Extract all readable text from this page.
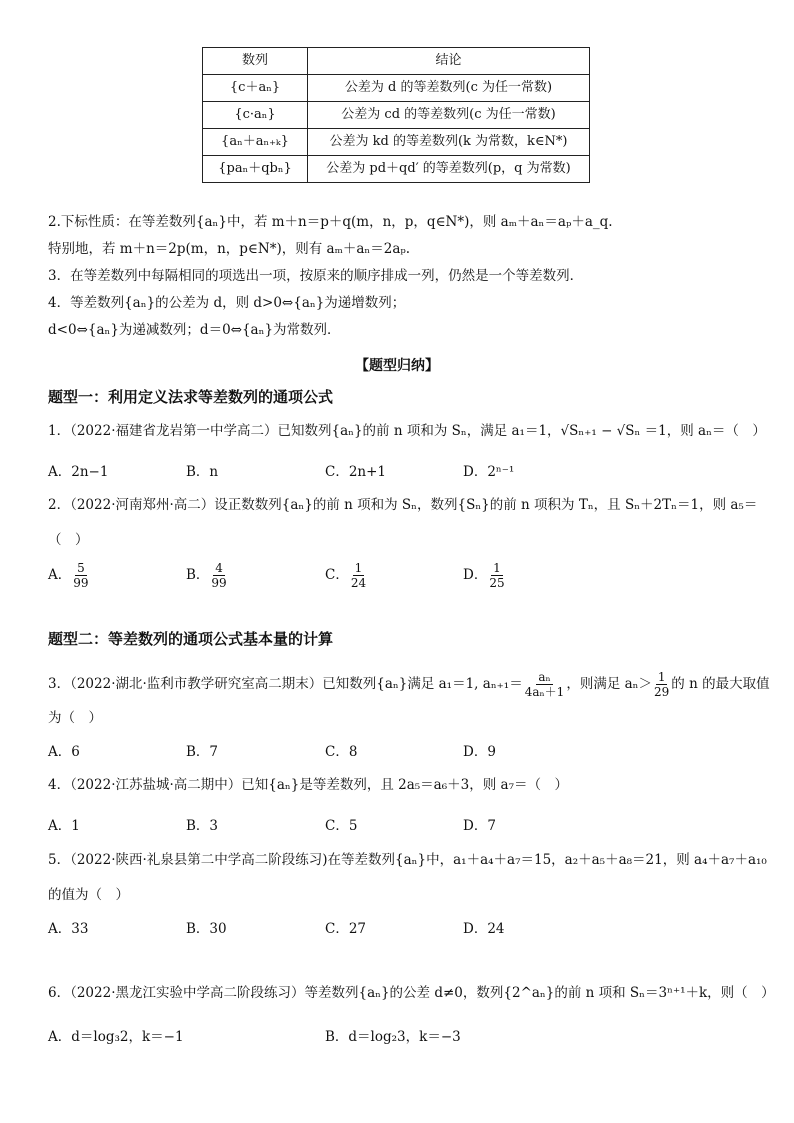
数列	结论
{c＋aₙ}	公差为 d 的等差数列(c 为任一常数)
{c·aₙ}	公差为 cd 的等差数列(c 为任一常数)
{aₙ＋aₙ₊ₖ}	公差为 kd 的等差数列(k 为常数，k∈N*)
{paₙ＋qbₙ}	公差为 pd＋qd′ 的等差数列(p，q 为常数)
2.下标性质：在等差数列{aₙ}中，若 m＋n＝p＋q(m，n，p，q∈N*)，则 aₘ＋aₙ＝aₚ＋a_q.
特别地，若 m＋n＝2p(m，n，p∈N*)，则有 aₘ＋aₙ＝2aₚ.
3．在等差数列中每隔相同的项选出一项，按原来的顺序排成一列，仍然是一个等差数列．
4．等差数列{aₙ}的公差为 d，则 d>0⇔{aₙ}为递增数列；
d<0⇔{aₙ}为递减数列；d＝0⇔{aₙ}为常数列．
【题型归纳】
题型一：利用定义法求等差数列的通项公式
1．（2022·福建省龙岩第一中学高二）已知数列{aₙ}的前 n 项和为 Sₙ，满足 a₁＝1，√Sₙ₊₁ − √Sₙ ＝1，则 aₙ＝（　）
A．2n−1	B．n	C．2n+1	D．2ⁿ⁻¹
2．（2022·河南郑州·高二）设正数数列{aₙ}的前 n 项和为 Sₙ，数列{Sₙ}的前 n 项积为 Tₙ，且 Sₙ＋2Tₙ＝1，则 a₅＝
（　）
A． $\frac{5}{99}$	B． $\frac{4}{99}$	C． $\frac{1}{24}$	D． $\frac{1}{25}$
题型二：等差数列的通项公式基本量的计算
3．（2022·湖北·监利市教学研究室高二期末）已知数列{aₙ}满足 a₁＝1, $a_{n+1}= \frac{\text{aₙ}}{\text{4aₙ＋1}}$ ，则满足 $a_n> \frac{1}{29}$ 的 n 的最大取值
为（　）
A．6	B．7	C．8	D．9
4．（2022·江苏盐城·高二期中）已知{aₙ}是等差数列，且 2a₅＝a₆＋3，则 a₇＝（　）
A．1	B．3	C．5	D．7
5．（2022·陕西·礼泉县第二中学高二阶段练习)在等差数列{aₙ}中，a₁＋a₄＋a₇＝15，a₂＋a₅＋a₈＝21，则 a₄＋a₇＋a₁₀
的值为（　）
A．33	B．30	C．27	D．24
6．（2022·黑龙江实验中学高二阶段练习）等差数列{aₙ}的公差 d≠0，数列{2^aₙ}的前 n 项和 Sₙ＝3ⁿ⁺¹＋k，则（　）
A．d＝log₃2，k＝−1	B．d＝log₂3，k＝−3
